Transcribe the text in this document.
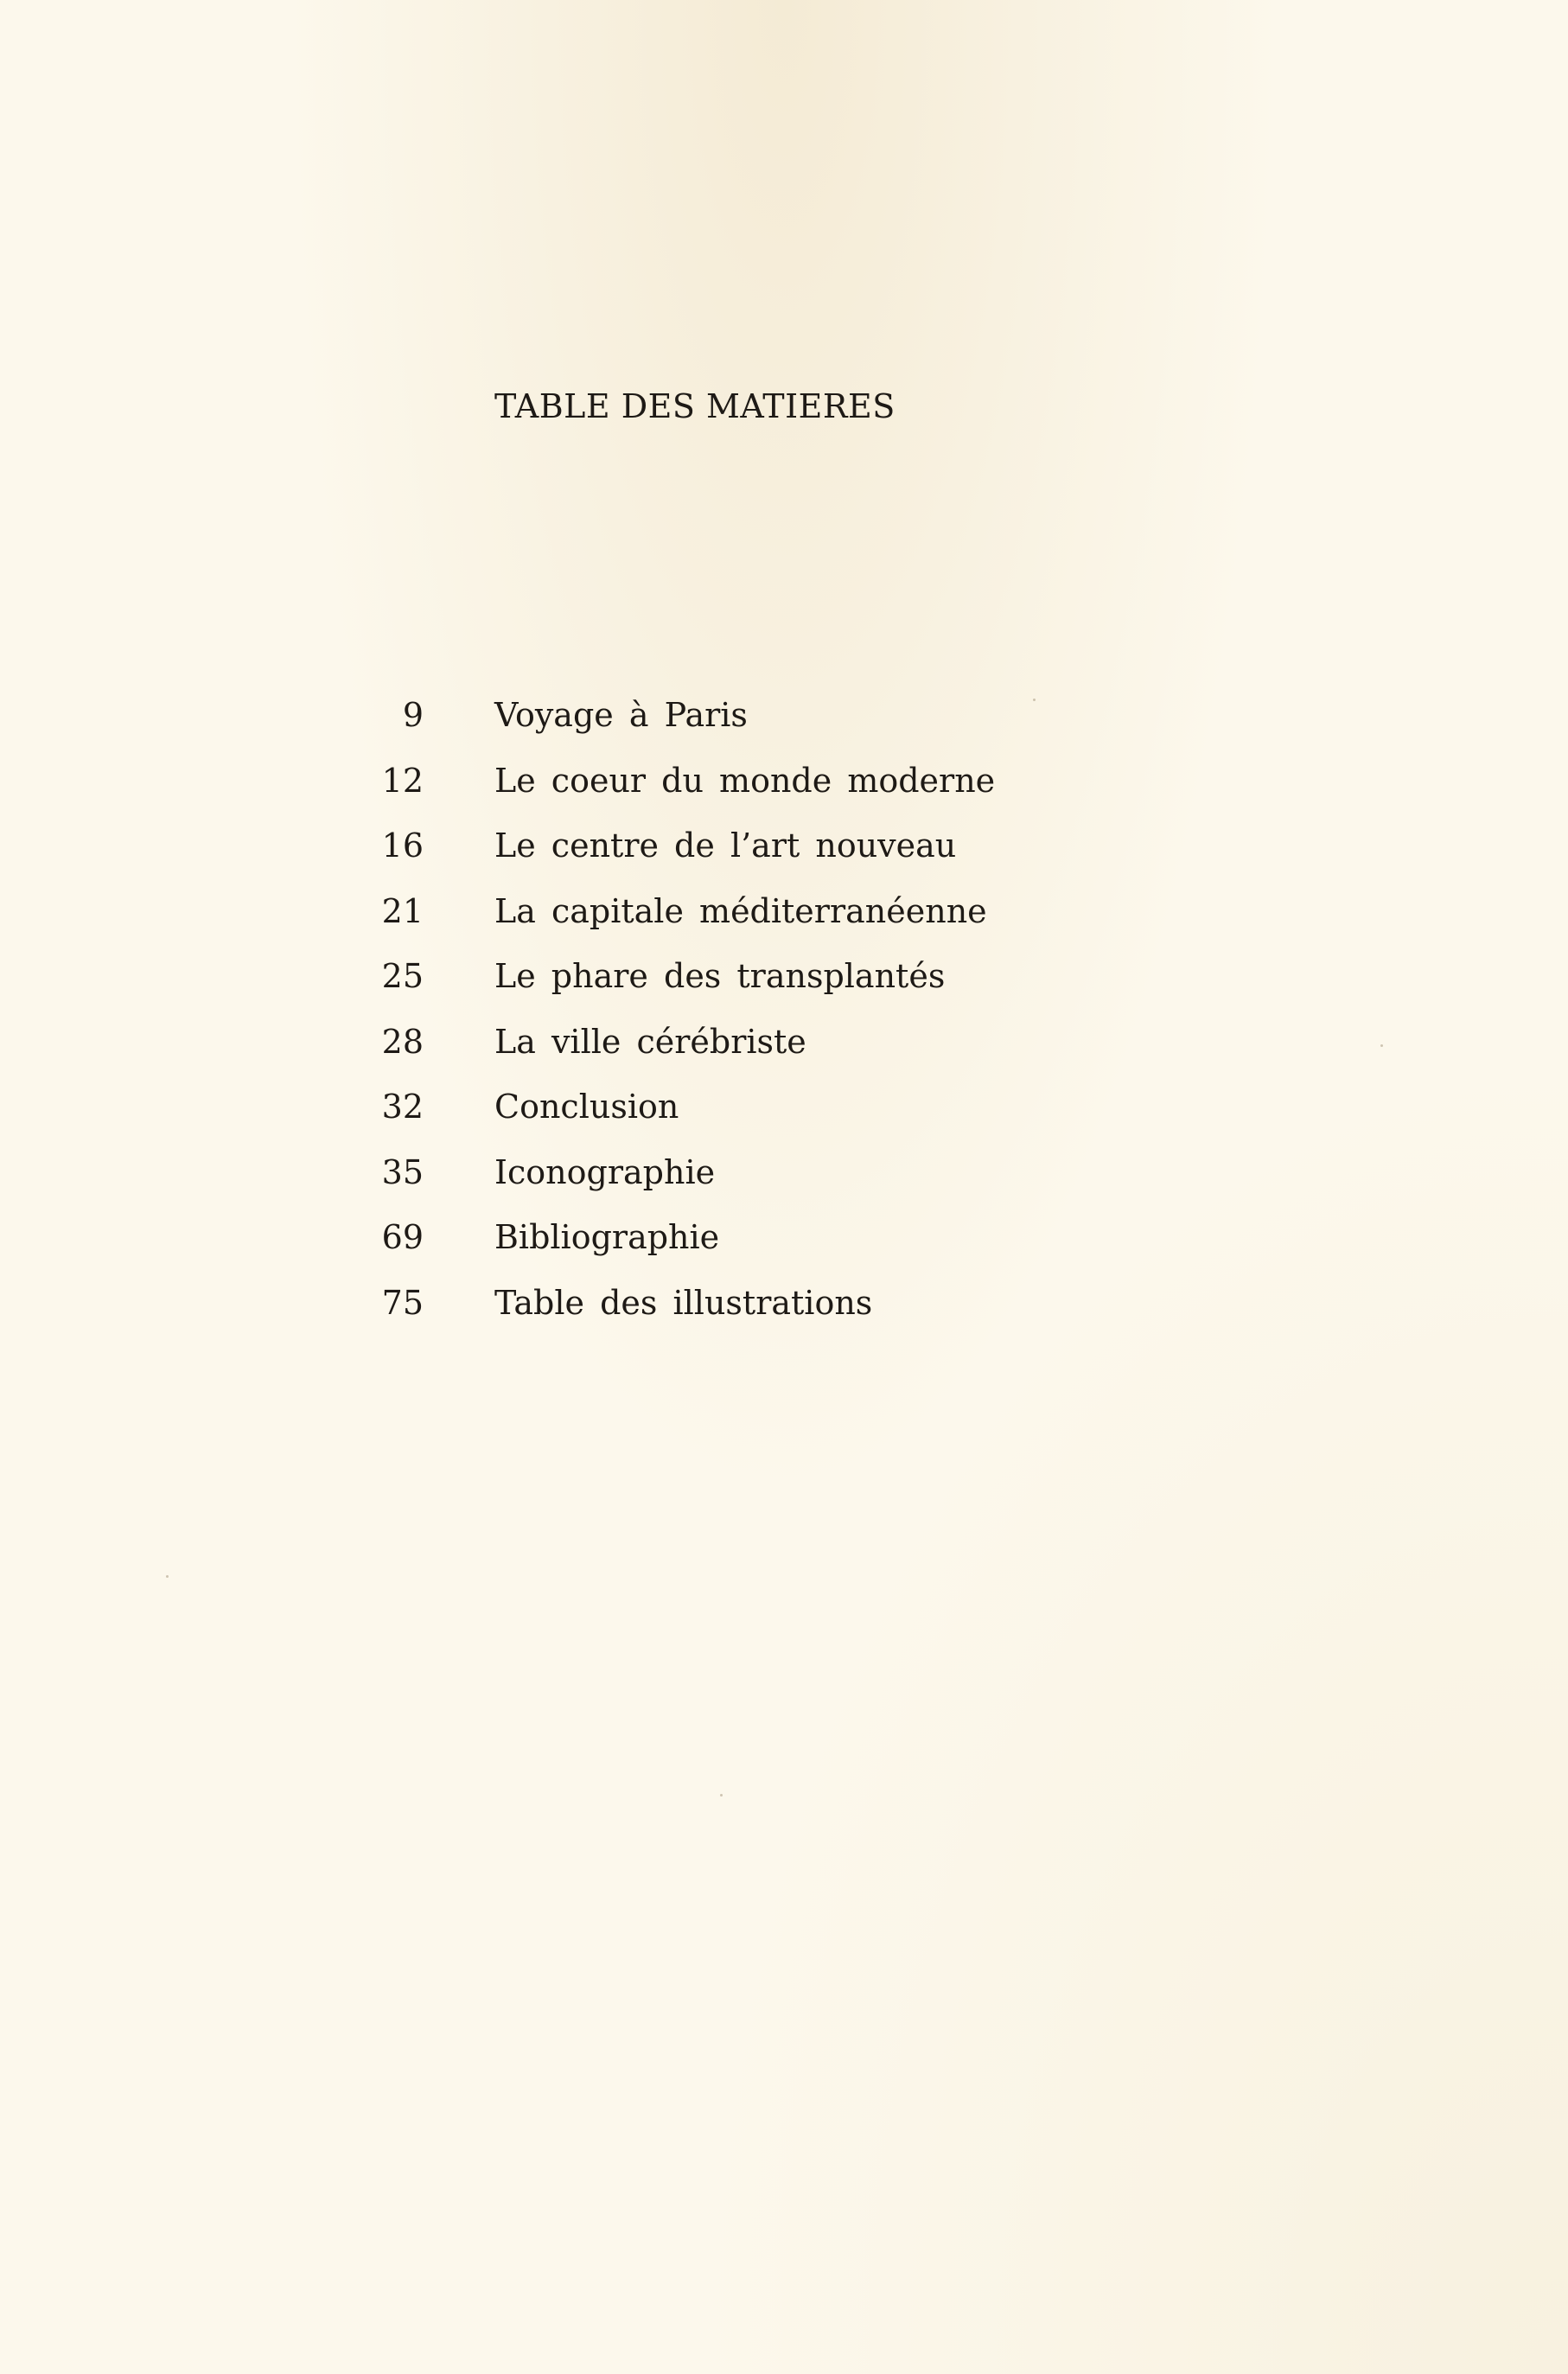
TABLE DES MATIERES
9 Voyage à Paris
12 Le coeur du monde moderne
16 Le centre de l’art nouveau
21 La capitale méditerranéenne
25 Le phare des transplantés
28 La ville cérébriste
32 Conclusion
35 Iconographie
69 Bibliographie
75 Table des illustrations
